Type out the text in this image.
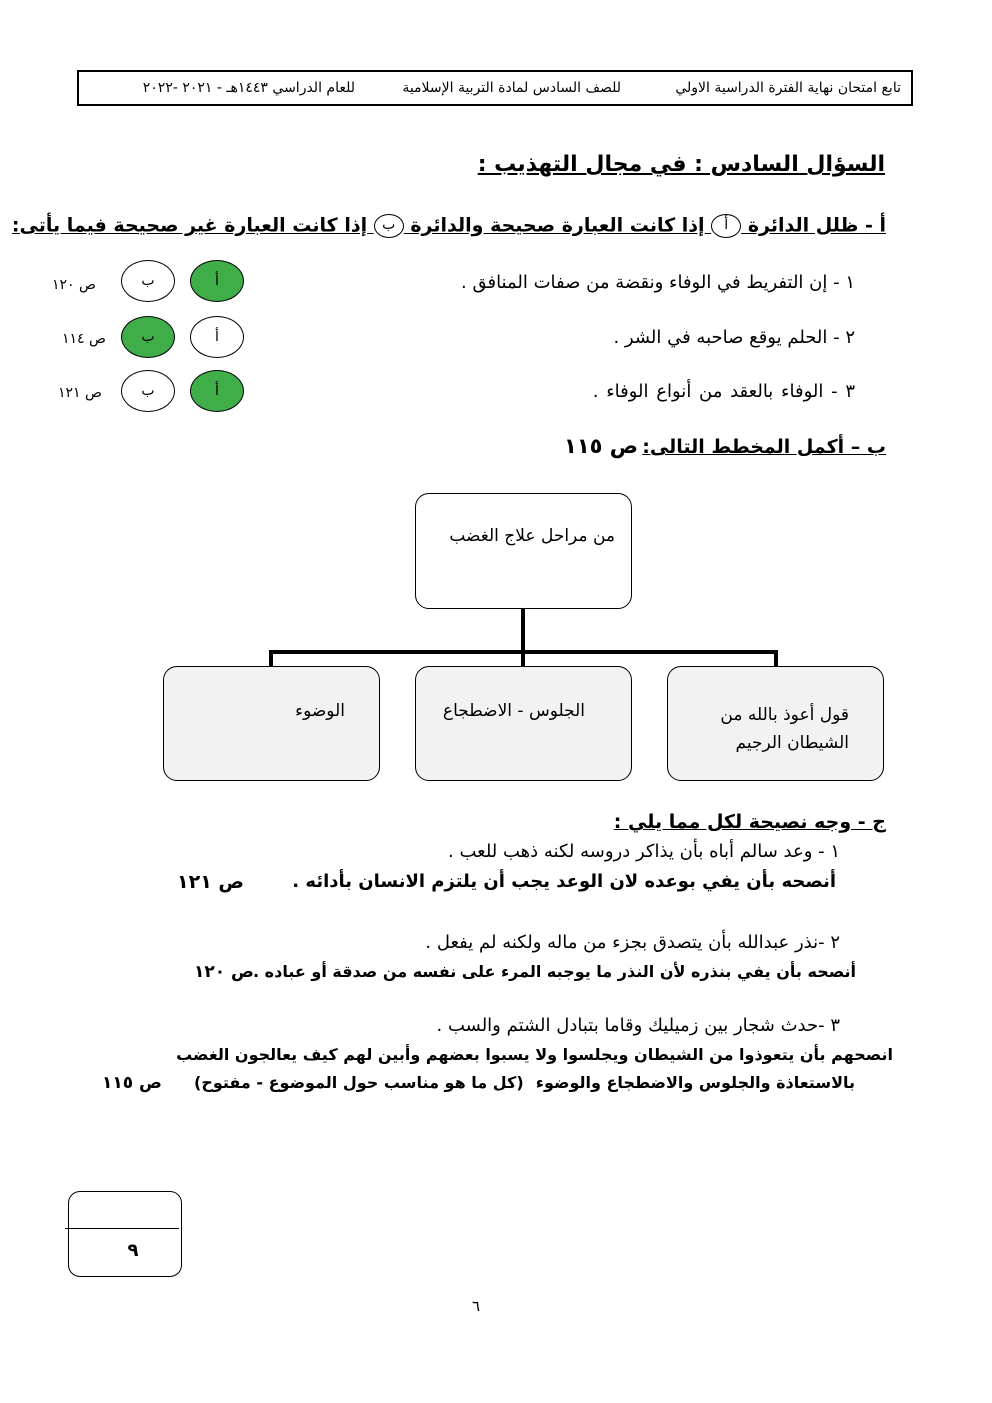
تابع امتحان نهاية الفترة الدراسية الاولي
للصف السادس لمادة التربية الإسلامية
للعام الدراسي ١٤٤٣هـ - ٢٠٢١ -٢٠٢٢
السؤال السادس : في مجال التهذيب :
أ - ظلل الدائرة أ إذا كانت العبارة صحيحة والدائرة ب إذا كانت العبارة غير صحيحة فيما يأتى:
١ - إن التفريط في الوفاء ونقضة من صفات المنافق .
أ
ب
ص ١٢٠
٢ - الحلم يوقع صاحبه في الشر .
أ
ب
ص ١١٤
٣ - الوفاء بالعقد من أنواع الوفاء .
أ
ب
ص ١٢١
ب – أكمل المخطط التالى:
ص ١١٥
من مراحل علاج الغضب
قول أعوذ بالله من الشيطان الرجيم
الجلوس - الاضطجاع
الوضوء
ج - وجه نصيحة لكل مما يلي :
١ - وعد سالم أباه بأن يذاكر دروسه لكنه ذهب للعب .
أنصحه بأن يفي بوعده لان الوعد يجب أن يلتزم الانسان بأدائه .
ص ١٢١
٢ -نذر عبدالله بأن يتصدق بجزء من ماله ولكنه لم يفعل .
أنصحه بأن يفي بنذره لأن النذر ما يوجبه المرء على نفسه من صدقة أو عباده .
ص ١٢٠
٣ -حدث شجار بين زميليك وقاما بتبادل الشتم والسب .
انصحهم بأن يتعوذوا من الشيطان ويجلسوا ولا يسبوا بعضهم وأبين لهم كيف يعالجون الغضب
بالاستعاذة والجلوس والاضطجاع والوضوء
(كل ما هو مناسب حول الموضوع - مفتوح)
ص ١١٥
٩
٦
